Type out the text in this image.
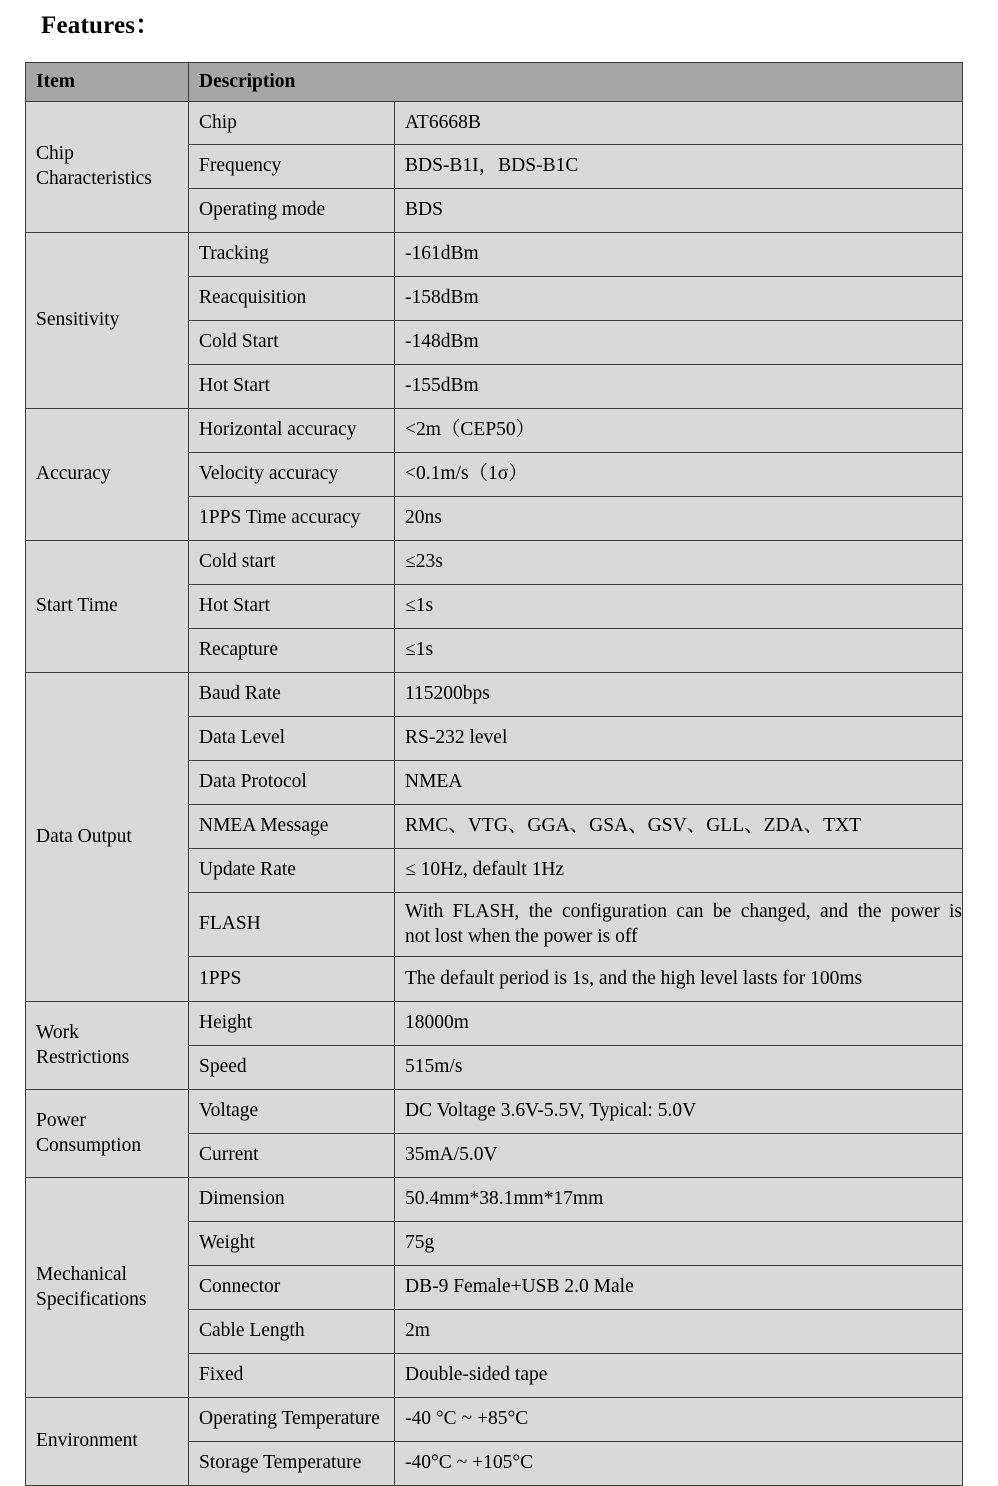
Features：
Item	Description	
Chip
Characteristics	Chip	AT6668B
	Frequency	BDS-B1I，BDS-B1C
	Operating mode	BDS
Sensitivity	Tracking	-161dBm
	Reacquisition	-158dBm
	Cold Start	-148dBm
	Hot Start	-155dBm
Accuracy	Horizontal accuracy	<2m（CEP50）
	Velocity accuracy	<0.1m/s（1σ）
	1PPS Time accuracy	20ns
Start Time	Cold start	≤23s
	Hot Start	≤1s
	Recapture	≤1s
Data Output	Baud Rate	115200bps
	Data Level	RS-232 level
	Data Protocol	NMEA
	NMEA Message	RMC、VTG、GGA、GSA、GSV、GLL、ZDA、TXT
	Update Rate	≤ 10Hz, default 1Hz
	FLASH	With FLASH, the configuration can be changed, and the power is
not lost when the power is off

	1PPS	The default period is 1s, and the high level lasts for 100ms
Work
Restrictions	Height	18000m
	Speed	515m/s
Power
Consumption	Voltage	DC Voltage 3.6V-5.5V, Typical: 5.0V
	Current	35mA/5.0V
Mechanical
Specifications	Dimension	50.4mm*38.1mm*17mm
	Weight	75g
	Connector	DB-9 Female+USB 2.0 Male
	Cable Length	2m
	Fixed	Double-sided tape
Environment	Operating Temperature	-40 °C ~ +85°C
	Storage Temperature	-40°C ~ +105°C
